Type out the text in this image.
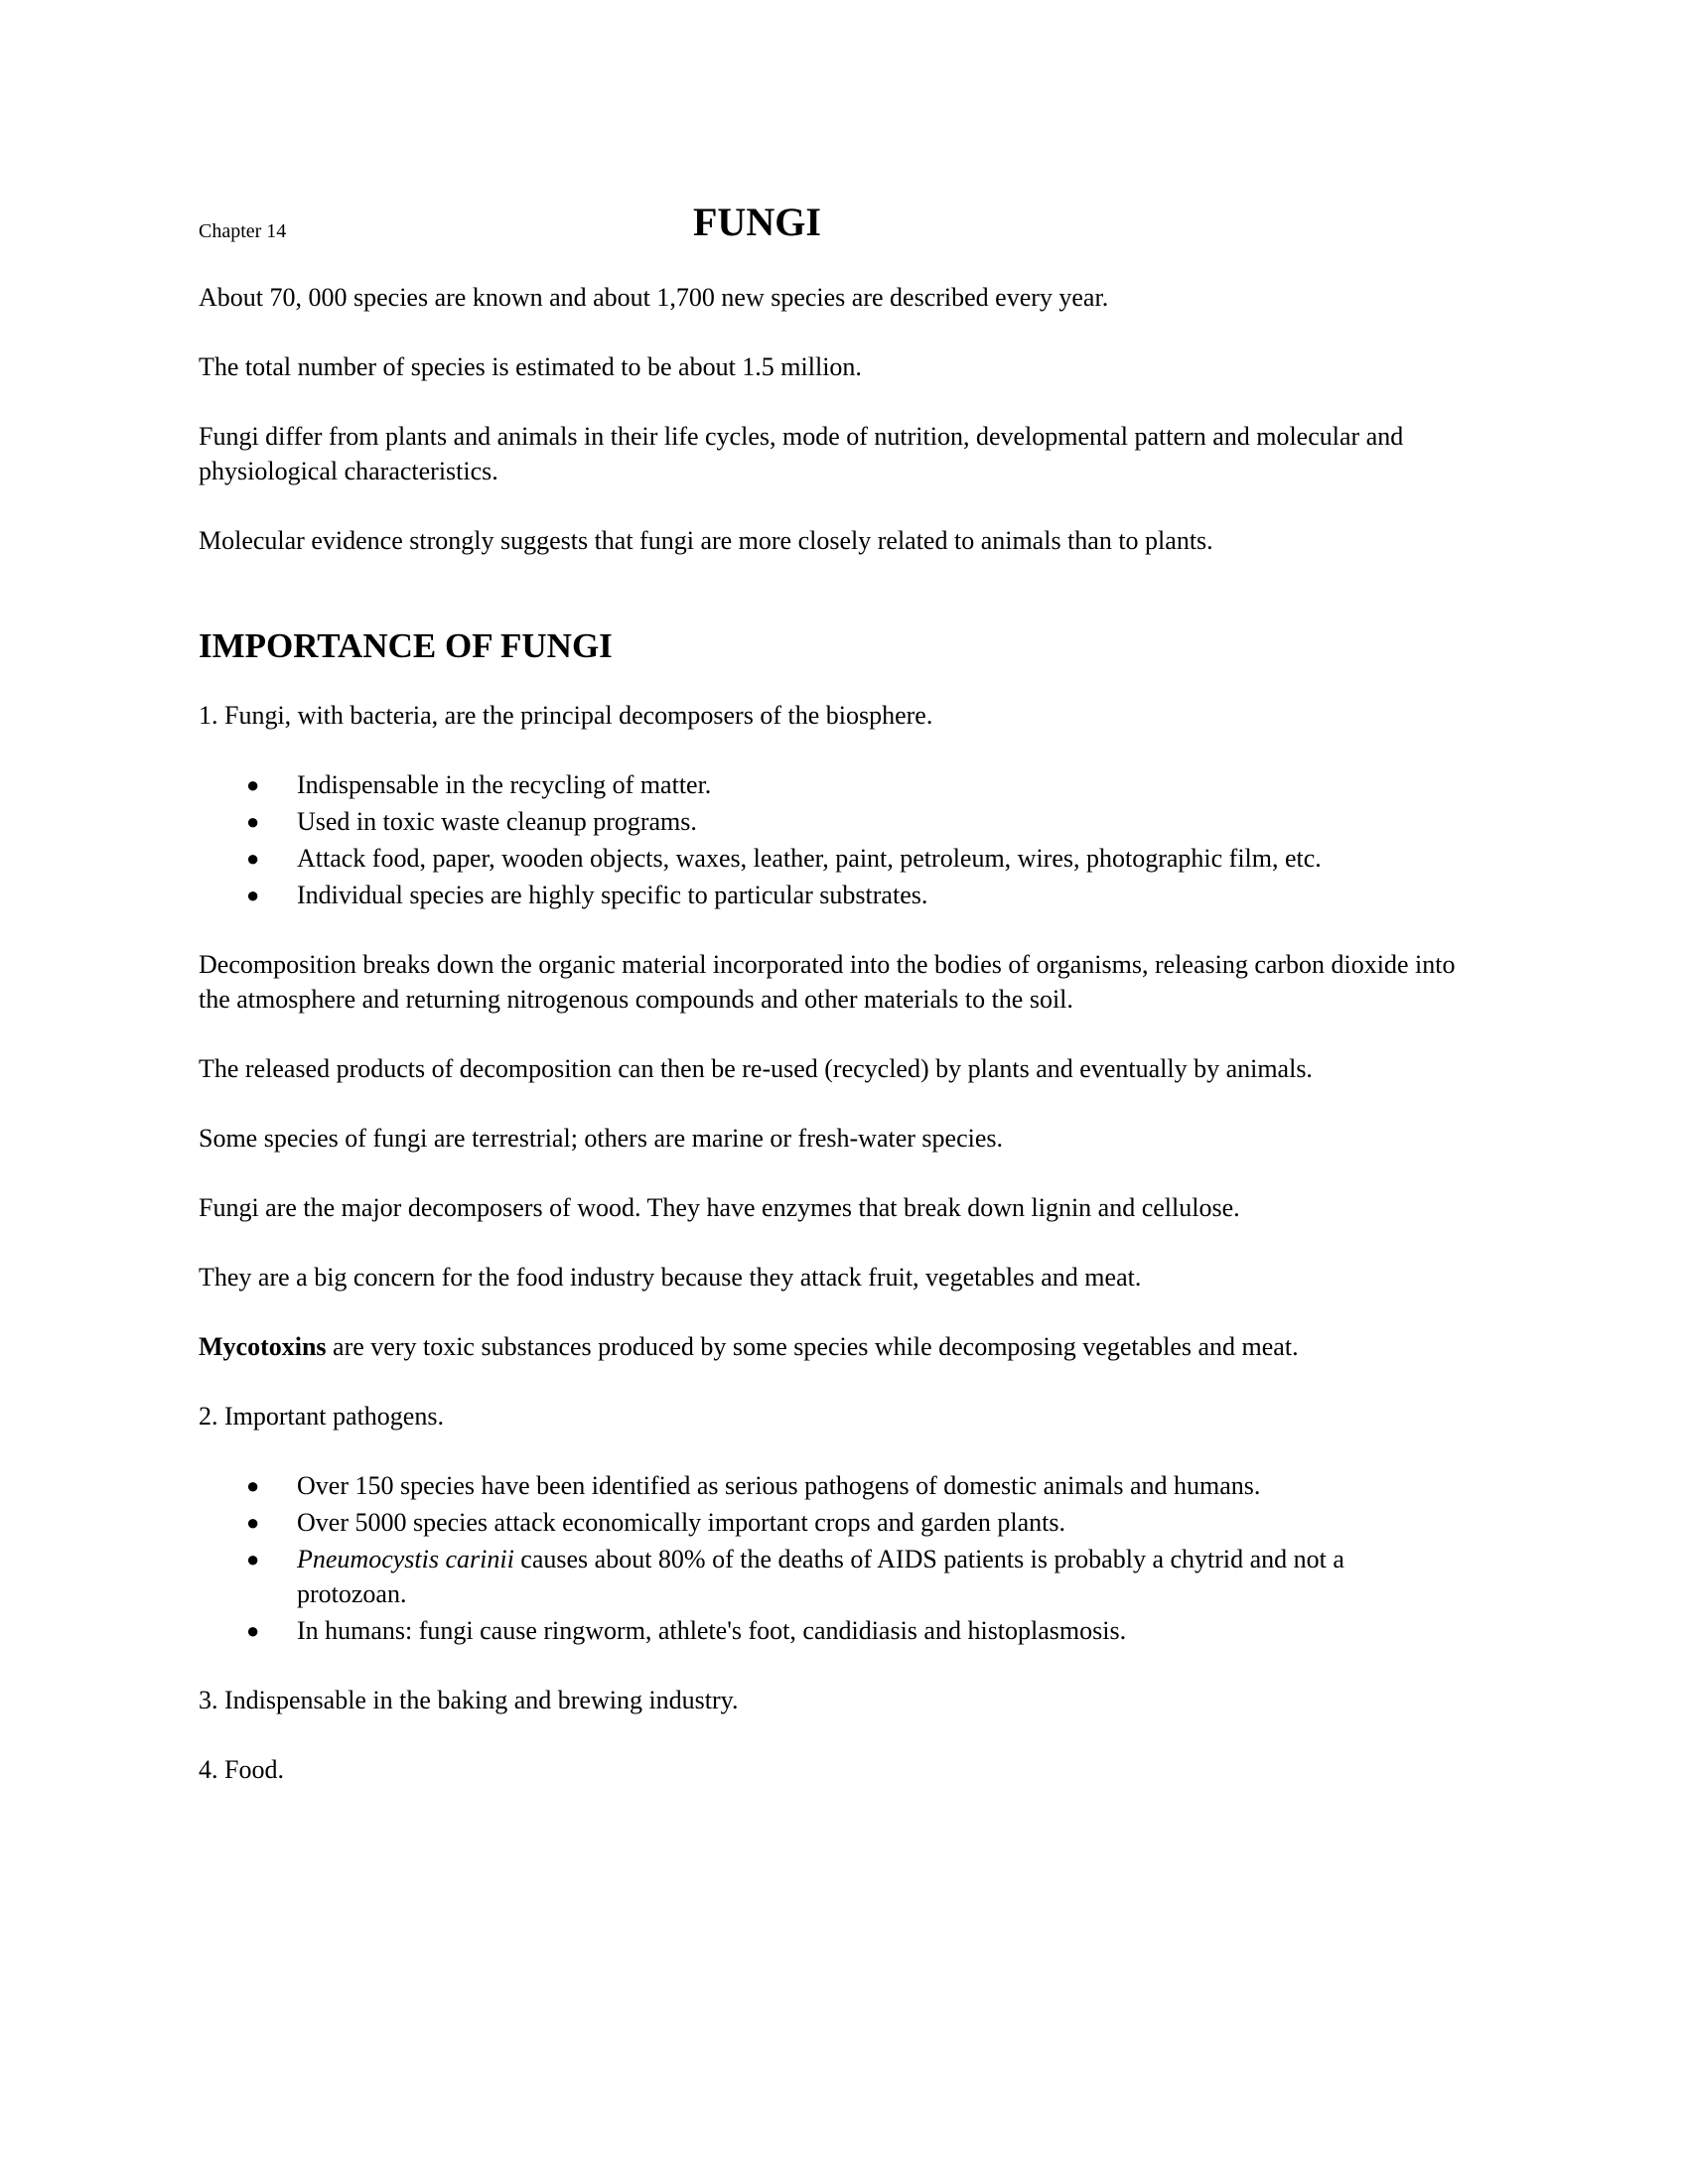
Chapter 14	FUNGI

About 70, 000 species are known and about 1,700 new species are described every year.

The total number of species is estimated to be about 1.5 million.

Fungi differ from plants and animals in their life cycles, mode of nutrition, developmental pattern and molecular and physiological characteristics.

Molecular evidence strongly suggests that fungi are more closely related to animals than to plants.

IMPORTANCE OF FUNGI

1. Fungi, with bacteria, are the principal decomposers of the biosphere.

● Indispensable in the recycling of matter.
● Used in toxic waste cleanup programs.
● Attack food, paper, wooden objects, waxes, leather, paint, petroleum, wires, photographic film, etc.
● Individual species are highly specific to particular substrates.

Decomposition breaks down the organic material incorporated into the bodies of organisms, releasing carbon dioxide into the atmosphere and returning nitrogenous compounds and other materials to the soil.

The released products of decomposition can then be re-used (recycled) by plants and eventually by animals.

Some species of fungi are terrestrial; others are marine or fresh-water species.

Fungi are the major decomposers of wood. They have enzymes that break down lignin and cellulose.

They are a big concern for the food industry because they attack fruit, vegetables and meat.

Mycotoxins are very toxic substances produced by some species while decomposing vegetables and meat.

2. Important pathogens.

● Over 150 species have been identified as serious pathogens of domestic animals and humans.
● Over 5000 species attack economically important crops and garden plants.
● Pneumocystis carinii causes about 80% of the deaths of AIDS patients is probably a chytrid and not a protozoan.
● In humans: fungi cause ringworm, athlete's foot, candidiasis and histoplasmosis.

3. Indispensable in the baking and brewing industry.

4. Food.
